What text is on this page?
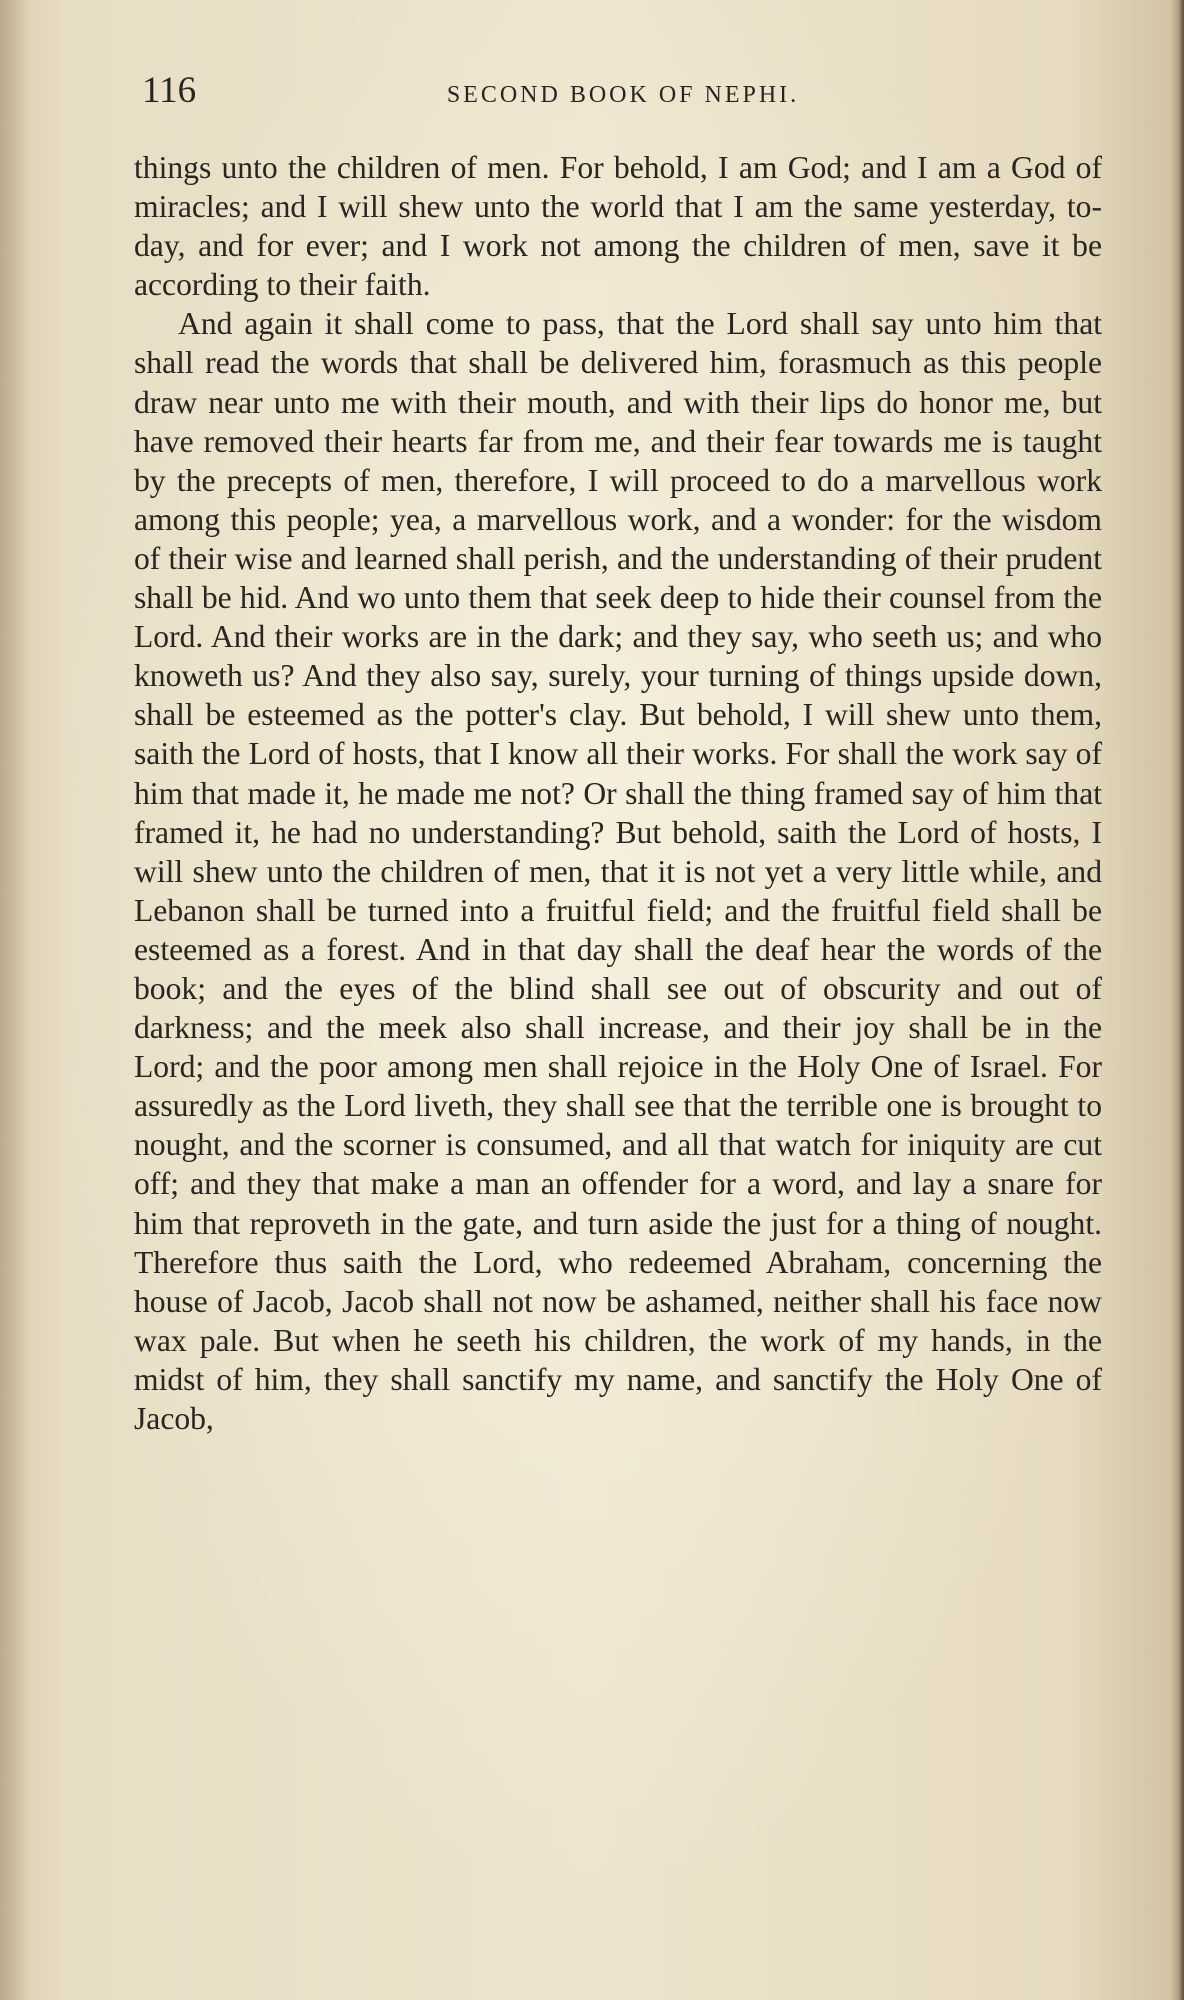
116	SECOND BOOK OF NEPHI.

things unto the children of men. For behold, I am God; and I am a God of miracles; and I will shew unto the world that I am the same yesterday, to-day, and for ever; and I work not among the children of men, save it be according to their faith.

And again it shall come to pass, that the Lord shall say unto him that shall read the words that shall be delivered him, forasmuch as this people draw near unto me with their mouth, and with their lips do honor me, but have removed their hearts far from me, and their fear towards me is taught by the precepts of men, therefore, I will proceed to do a marvellous work among this people; yea, a marvellous work, and a wonder: for the wisdom of their wise and learned shall perish, and the understanding of their prudent shall be hid. And wo unto them that seek deep to hide their counsel from the Lord. And their works are in the dark; and they say, who seeth us; and who knoweth us? And they also say, surely, your turning of things upside down, shall be esteemed as the potter's clay. But behold, I will shew unto them, saith the Lord of hosts, that I know all their works. For shall the work say of him that made it, he made me not? Or shall the thing framed say of him that framed it, he had no understanding? But behold, saith the Lord of hosts, I will shew unto the children of men, that it is not yet a very little while, and Lebanon shall be turned into a fruitful field; and the fruitful field shall be esteemed as a forest. And in that day shall the deaf hear the words of the book; and the eyes of the blind shall see out of obscurity and out of darkness; and the meek also shall increase, and their joy shall be in the Lord; and the poor among men shall rejoice in the Holy One of Israel. For assuredly as the Lord liveth, they shall see that the terrible one is brought to nought, and the scorner is consumed, and all that watch for iniquity are cut off; and they that make a man an offender for a word, and lay a snare for him that reproveth in the gate, and turn aside the just for a thing of nought. Therefore thus saith the Lord, who redeemed Abraham, concerning the house of Jacob, Jacob shall not now be ashamed, neither shall his face now wax pale. But when he seeth his children, the work of my hands, in the midst of him, they shall sanctify my name, and sanctify the Holy One of Jacob,
